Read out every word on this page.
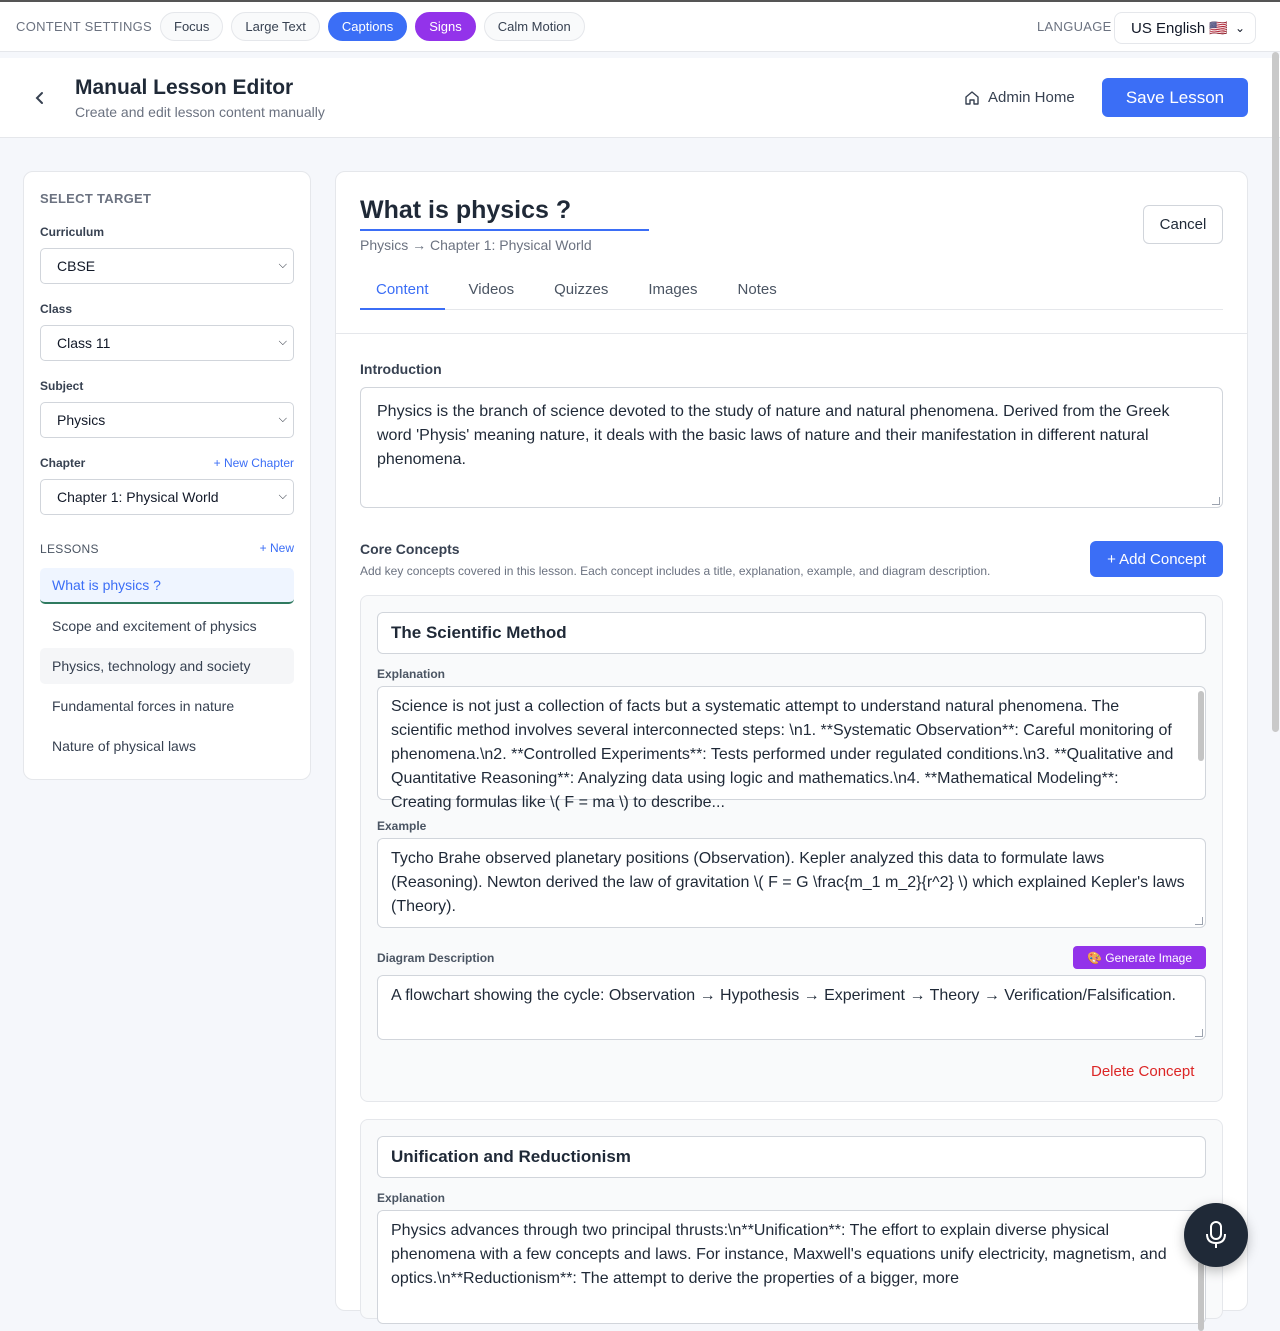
CONTENT SETTINGS	Focus	Large Text	Captions	Signs	Calm Motion	LANGUAGE US English 🇺🇸 ⌄
Manual Lesson Editor
Create and edit lesson content manually
Admin Home	Save Lesson
SELECT TARGET
Curriculum
CBSE	⌵
Class
Class 11	⌵
Subject
Physics	⌵
Chapter	+ New Chapter
Chapter 1: Physical World	⌵
LESSONS	+ New
What is physics ?
Scope and excitement of physics
Physics, technology and society
Fundamental forces in nature
Nature of physical laws
What is physics ?
Physics → Chapter 1: Physical World
Cancel
Content	Videos	Quizzes	Images	Notes
Introduction
Physics is the branch of science devoted to the study of nature and natural phenomena. Derived from the Greek word 'Physis' meaning nature, it deals with the basic laws of nature and their manifestation in different natural phenomena.
Core Concepts
Add key concepts covered in this lesson. Each concept includes a title, explanation, example, and diagram description.
+ Add Concept
The Scientific Method
Explanation
Science is not just a collection of facts but a systematic attempt to understand natural phenomena. The scientific method involves several interconnected steps: \n1. **Systematic Observation**: Careful monitoring of phenomena.\n2. **Controlled Experiments**: Tests performed under regulated conditions.\n3. **Qualitative and Quantitative Reasoning**: Analyzing data using logic and mathematics.\n4. **Mathematical Modeling**: Creating formulas like \( F = ma \) to describe...
Example
Tycho Brahe observed planetary positions (Observation). Kepler analyzed this data to formulate laws (Reasoning). Newton derived the law of gravitation \( F = G \frac{m_1 m_2}{r^2} \) which explained Kepler's laws (Theory).
Diagram Description	🎨 Generate Image
A flowchart showing the cycle: Observation → Hypothesis → Experiment → Theory → Verification/Falsification.
Delete Concept
Unification and Reductionism
Explanation
Physics advances through two principal thrusts:\n**Unification**: The effort to explain diverse physical phenomena with a few concepts and laws. For instance, Maxwell's equations unify electricity, magnetism, and optics.\n**Reductionism**: The attempt to derive the properties of a bigger, more
